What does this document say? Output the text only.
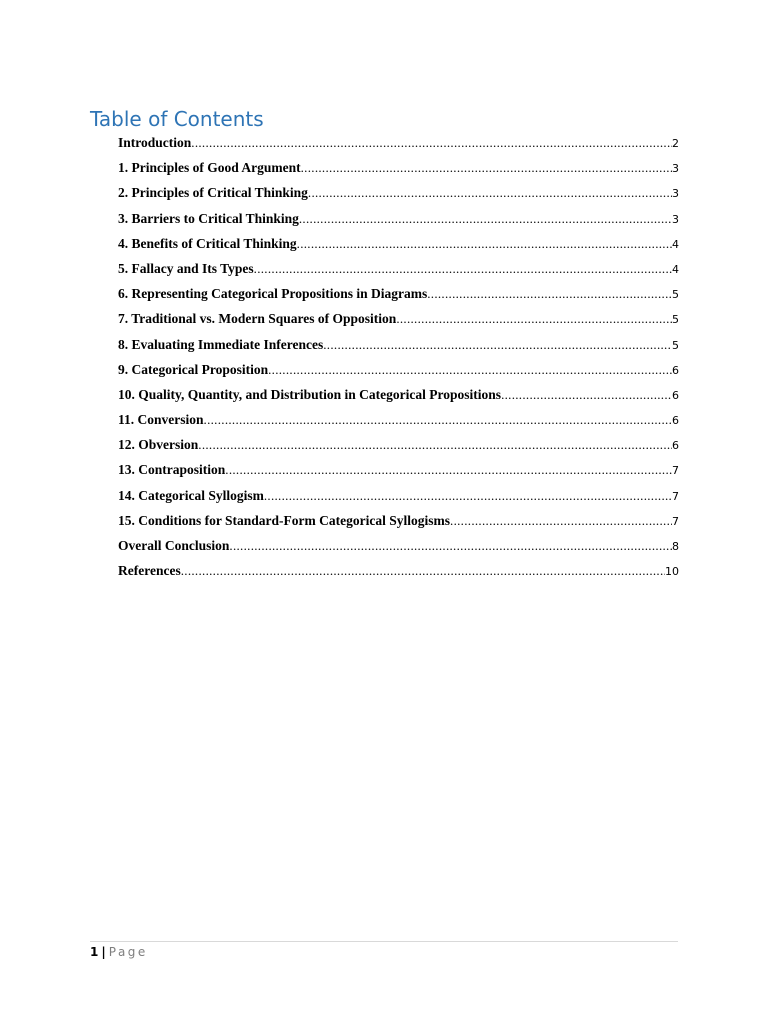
Table of Contents
Introduction .....	2
1. Principles of Good Argument .....	3
2. Principles of Critical Thinking .....	3
3. Barriers to Critical Thinking .....	3
4. Benefits of Critical Thinking .....	4
5. Fallacy and Its Types .....	4
6. Representing Categorical Propositions in Diagrams .....	5
7. Traditional vs. Modern Squares of Opposition .....	5
8. Evaluating Immediate Inferences .....	5
9. Categorical Proposition .....	6
10. Quality, Quantity, and Distribution in Categorical Propositions .....	6
11. Conversion .....	6
12. Obversion .....	6
13. Contraposition .....	7
14. Categorical Syllogism .....	7
15. Conditions for Standard-Form Categorical Syllogisms .....	7
Overall Conclusion .....	8
References .....	10
1 | Page
